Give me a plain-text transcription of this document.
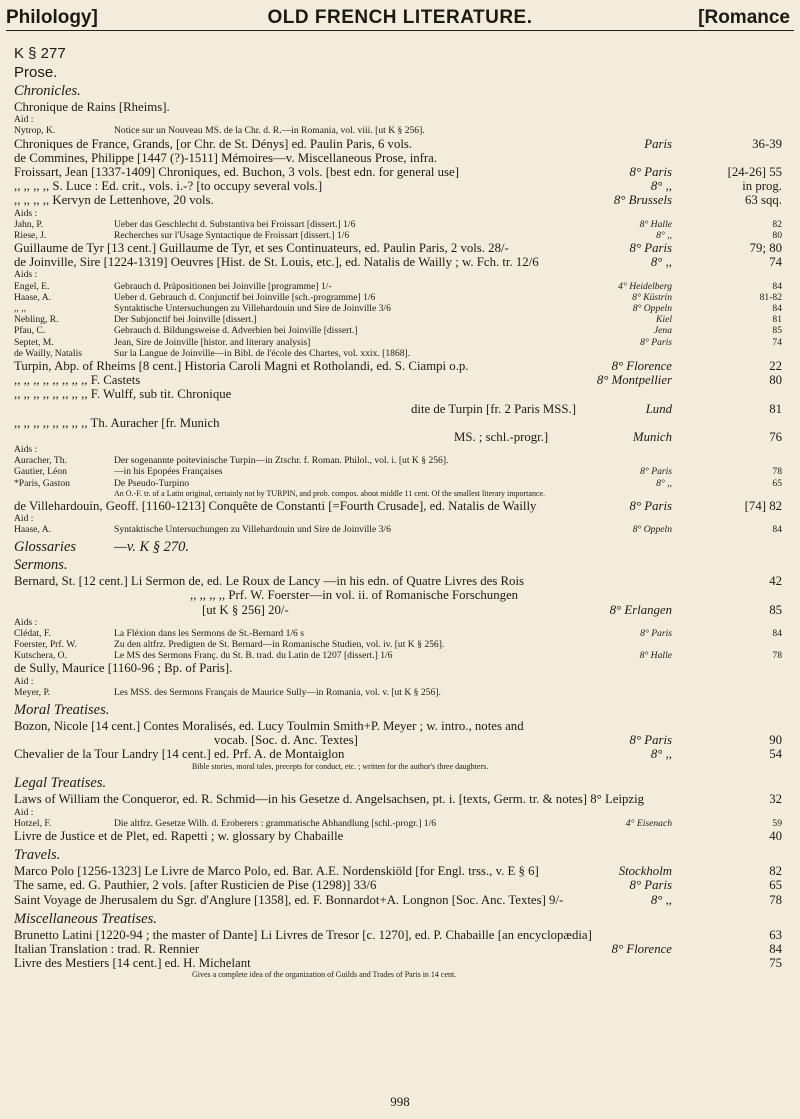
Philology]	OLD FRENCH LITERATURE.	[Romance
K § 277
Prose.
Chronicles.
Chronique de Rains [Rheims].
Aid :
Nytrop, K.	Notice sur un Nouveau MS. de la Chr. d. R.—in Romania, vol. viii. [ut K § 256].
Chroniques de France, Grands, [or Chr. de St. Dénys] ed. Paulin Paris, 6 vols.	Paris	36-39
de Commines, Philippe [1447 (?)-1511] Mémoires—v. Miscellaneous Prose, infra.
Froissart, Jean [1337-1409] Chroniques, ed. Buchon, 3 vols. [best edn. for general use]	8° Paris	[24-26] 55
,, ,, ,, ,, S. Luce : Ed. crit., vols. i.-? [to occupy several vols.]	8° ,,	in prog.
,, ,, ,, ,, Kervyn de Lettenhove, 20 vols.	8° Brussels	63 sqq.
Aids :
Jahn, P.	Ueber das Geschlecht d. Substantiva bei Froissart [dissert.] 1/6	8° Halle	82
Riese, J.	Recherches sur l'Usage Syntactique de Froissart [dissert.] 1/6	8° ,,	80
Guillaume de Tyr [13 cent.] Guillaume de Tyr, et ses Continuateurs, ed. Paulin Paris, 2 vols. 28/-	8° Paris	79; 80
de Joinville, Sire [1224-1319] Oeuvres [Hist. de St. Louis, etc.], ed. Natalis de Wailly ; w. Fch. tr. 12/6	8° ,,	74
Aids :
Engel, E.	Gebrauch d. Präpositionen bei Joinville [programme] 1/-	4° Heidelberg	84
Haase, A.	Ueber d. Gebrauch d. Conjunctif bei Joinville [sch.-programme] 1/6	8° Küstrin	81-82
,, ,,	Syntaktische Untersuchungen zu Villehardouin und Sire de Joinville 3/6	8° Oppeln	84
Nebling, R.	Der Subjonctif bei Joinville [dissert.]	Kiel	81
Pfau, C.	Gebrauch d. Bildungsweise d. Adverbien bei Joinville [dissert.]	Jena	85
Septet, M.	Jean, Sire de Joinville [histor. and literary analysis]	8° Paris	74
de Wailly, Natalis	Sur la Langue de Joinville—in Bibl. de l'école des Chartes, vol. xxix. [1868].
Turpin, Abp. of Rheims [8 cent.] Historia Caroli Magni et Rotholandi, ed. S. Ciampi o.p.	8° Florence	22
,, ,, ,, ,, ,, ,, ,, ,, F. Castets	8° Montpellier	80
,, ,, ,, ,, ,, ,, ,, ,, F. Wulff, sub tit. Chronique
dite de Turpin [fr. 2 Paris MSS.]	Lund	81
,, ,, ,, ,, ,, ,, ,, ,, Th. Auracher [fr. Munich
MS. ; schl.-progr.]	Munich	76
Aids :
Auracher, Th.	Der sogenannte poitevinische Turpin—in Ztschr. f. Roman. Philol., vol. i. [ut K § 256].
Gautier, Léon	—in his Epopées Françaises	8° Paris	78
*Paris, Gaston	De Pseudo-Turpino	8° ,,	65
An O.-F. tr. of a Latin original, certainly not by TURPIN, and prob. compos. about middle 11 cent. Of the smallest literary importance.
de Villehardouin, Geoff. [1160-1213] Conquête de Constanti [=Fourth Crusade], ed. Natalis de Wailly	8° Paris	[74] 82
Aid :
Haase, A.	Syntaktische Untersuchungen zu Villehardouin und Sire de Joinville 3/6	8° Oppeln	84
Glossaries	—v. K § 270.
Sermons.
Bernard, St. [12 cent.] Li Sermon de, ed. Le Roux de Lancy —in his edn. of Quatre Livres des Rois	42
,, ,, ,, ,, Prf. W. Foerster—in vol. ii. of Romanische Forschungen
[ut K § 256] 20/-	8° Erlangen	85
Aids :
Clédat, F.	La Fléxion dans les Sermons de St.-Bernard 1/6 s	8° Paris	84
Foerster, Prf. W.	Zu den altfrz. Predigten de St. Bernard—in Romanische Studien, vol. iv. [ut K § 256].
Kutschera, O.	Le MS des Sermons Franç. du St. B. trad. du Latin de 1207 [dissert.] 1/6	8° Halle	78
de Sully, Maurice [1160-96 ; Bp. of Paris].
Aid :
Meyer, P.	Les MSS. des Sermons Français de Maurice Sully—in Romania, vol. v. [ut K § 256].
Moral Treatises.
Bozon, Nicole [14 cent.] Contes Moralisés, ed. Lucy Toulmin Smith+P. Meyer ; w. intro., notes and
vocab. [Soc. d. Anc. Textes]	8° Paris	90
Chevalier de la Tour Landry [14 cent.] ed. Prf. A. de Montaiglon	8° ,,	54
Bible stories, moral tales, precepts for conduct, etc. ; written for the author's three daughters.
Legal Treatises.
Laws of William the Conqueror, ed. R. Schmid—in his Gesetze d. Angelsachsen, pt. i. [texts, Germ. tr. & notes] 8° Leipzig	32
Aid :
Hotzel, F.	Die altfrz. Gesetze Wilh. d. Eroberers : grammatische Abhandlung [schl.-progr.] 1/6	4° Eisenach	59
Livre de Justice et de Plet, ed. Rapetti ; w. glossary by Chabaille	40
Travels.
Marco Polo [1256-1323] Le Livre de Marco Polo, ed. Bar. A.E. Nordenskiöld [for Engl. trss., v. E § 6]	Stockholm	82
The same, ed. G. Pauthier, 2 vols. [after Rusticien de Pise (1298)] 33/6	8° Paris	65
Saint Voyage de Jherusalem du Sgr. d'Anglure [1358], ed. F. Bonnardot+A. Longnon [Soc. Anc. Textes] 9/-	8° ,,	78
Miscellaneous Treatises.
Brunetto Latini [1220-94 ; the master of Dante] Li Livres de Tresor [c. 1270], ed. P. Chabaille [an encyclopædia]	63
Italian Translation : trad. R. Rennier	8° Florence	84
Livre des Mestiers [14 cent.] ed. H. Michelant	75
Gives a complete idea of the organization of Guilds and Trades of Paris in 14 cent.
998
